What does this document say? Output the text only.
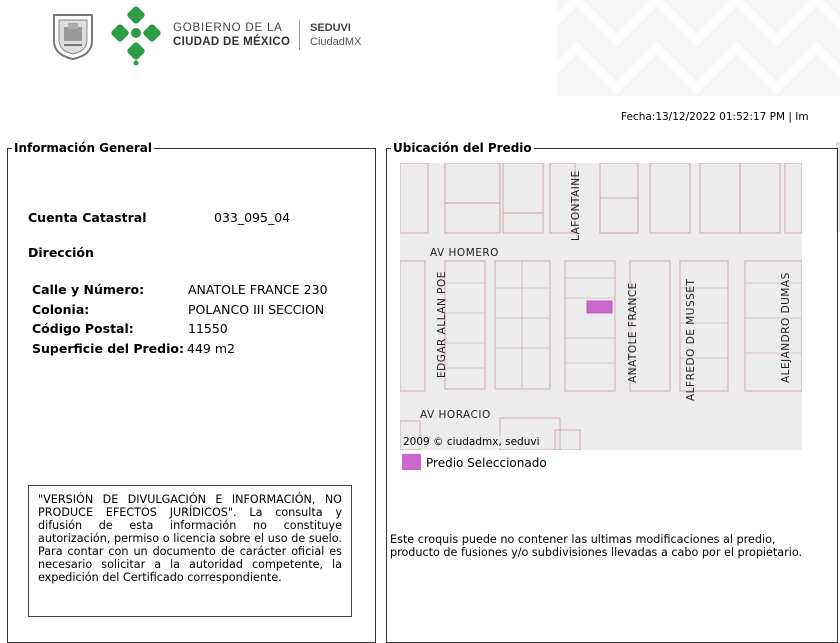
GOBIERNO DE LA
CIUDAD DE MÉXICO
SEDUVI
CiudadMX
Fecha:13/12/2022 01:52:17 PM | Im
Información General
Cuenta Catastral	033_095_04
Dirección
Calle y Número:	ANATOLE FRANCE 230
Colonia:	POLANCO III SECCION
Código Postal:	11550
Superficie del Predio: 449 m2
"VERSIÓN DE DIVULGACIÓN E INFORMACIÓN, NO PRODUCE EFECTOS JURÍDICOS". La consulta y difusión de esta información no constituye autorización, permiso o licencia sobre el uso de suelo. Para contar con un documento de carácter oficial es necesario solicitar a la autoridad competente, la expedición del Certificado correspondiente.
Ubicación del Predio
AV HOMERO
AV HORACIO
LAFONTAINE
EDGAR ALLAN POE	ANATOLE FRANCE	ALFREDO DE MUSSET	ALEJANDRO DUMAS
2009 © ciudadmx, seduvi
Predio Seleccionado
Este croquis puede no contener las ultimas modificaciones al predio, producto de fusiones y/o subdivisiones llevadas a cabo por el propietario.
